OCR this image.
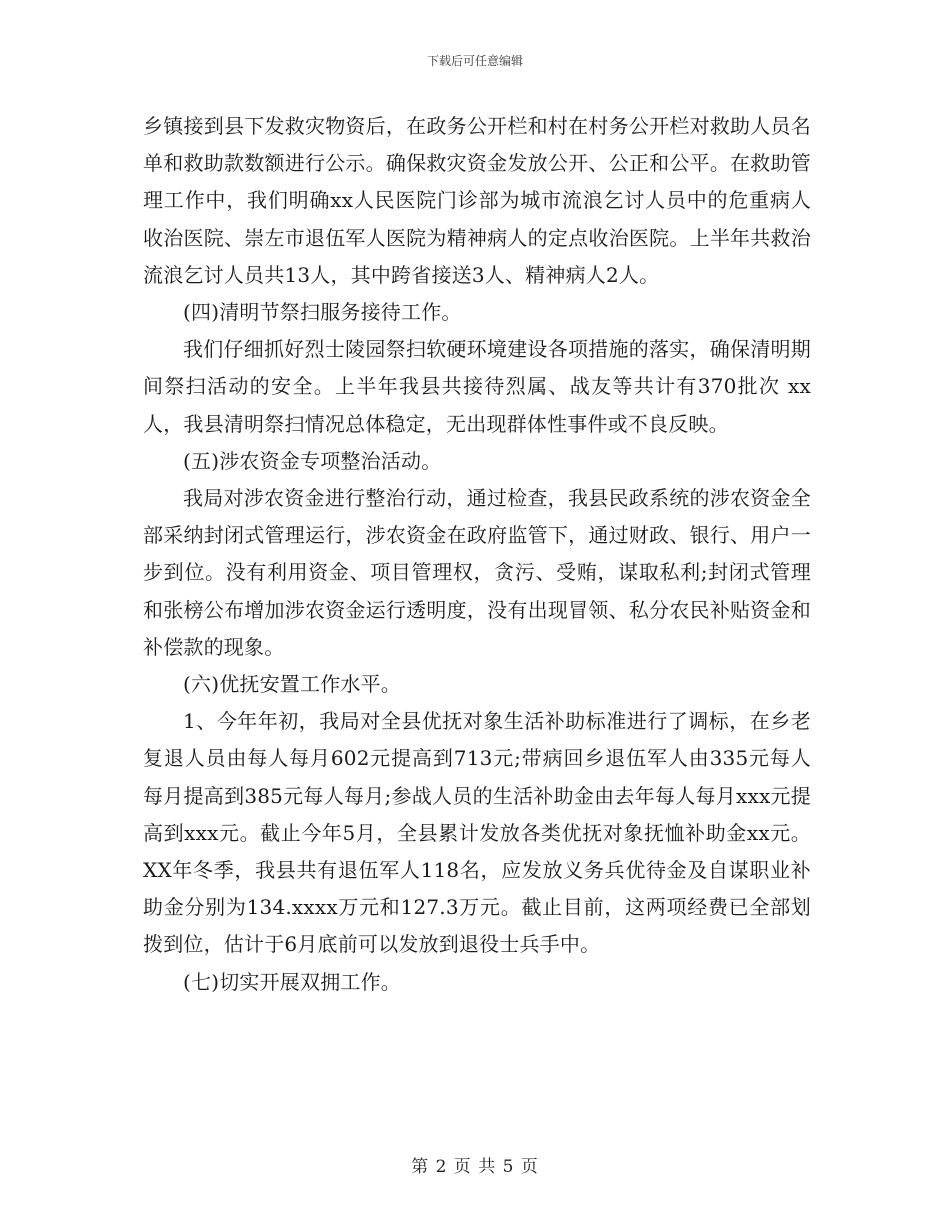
下载后可任意编辑

乡镇接到县下发救灾物资后，在政务公开栏和村在村务公开栏对救助人员名单和救助款数额进行公示。确保救灾资金发放公开、公正和公平。在救助管理工作中，我们明确xx人民医院门诊部为城市流浪乞讨人员中的危重病人收治医院、崇左市退伍军人医院为精神病人的定点收治医院。上半年共救治流浪乞讨人员共13人，其中跨省接送3人、精神病人2人。

(四)清明节祭扫服务接待工作。

我们仔细抓好烈士陵园祭扫软硬环境建设各项措施的落实，确保清明期间祭扫活动的安全。上半年我县共接待烈属、战友等共计有370批次 xx 人，我县清明祭扫情况总体稳定，无出现群体性事件或不良反映。

(五)涉农资金专项整治活动。

我局对涉农资金进行整治行动，通过检查，我县民政系统的涉农资金全部采纳封闭式管理运行，涉农资金在政府监管下，通过财政、银行、用户一步到位。没有利用资金、项目管理权，贪污、受贿，谋取私利;封闭式管理和张榜公布增加涉农资金运行透明度，没有出现冒领、私分农民补贴资金和补偿款的现象。

(六)优抚安置工作水平。

1、今年年初，我局对全县优抚对象生活补助标准进行了调标，在乡老复退人员由每人每月602元提高到713元;带病回乡退伍军人由335元每人每月提高到385元每人每月;参战人员的生活补助金由去年每人每月xxx元提高到xxx元。截止今年5月，全县累计发放各类优抚对象抚恤补助金xx元。XX年冬季，我县共有退伍军人118名，应发放义务兵优待金及自谋职业补助金分别为134.xxxx万元和127.3万元。截止目前，这两项经费已全部划拨到位，估计于6月底前可以发放到退役士兵手中。

(七)切实开展双拥工作。

第 2 页 共 5 页
